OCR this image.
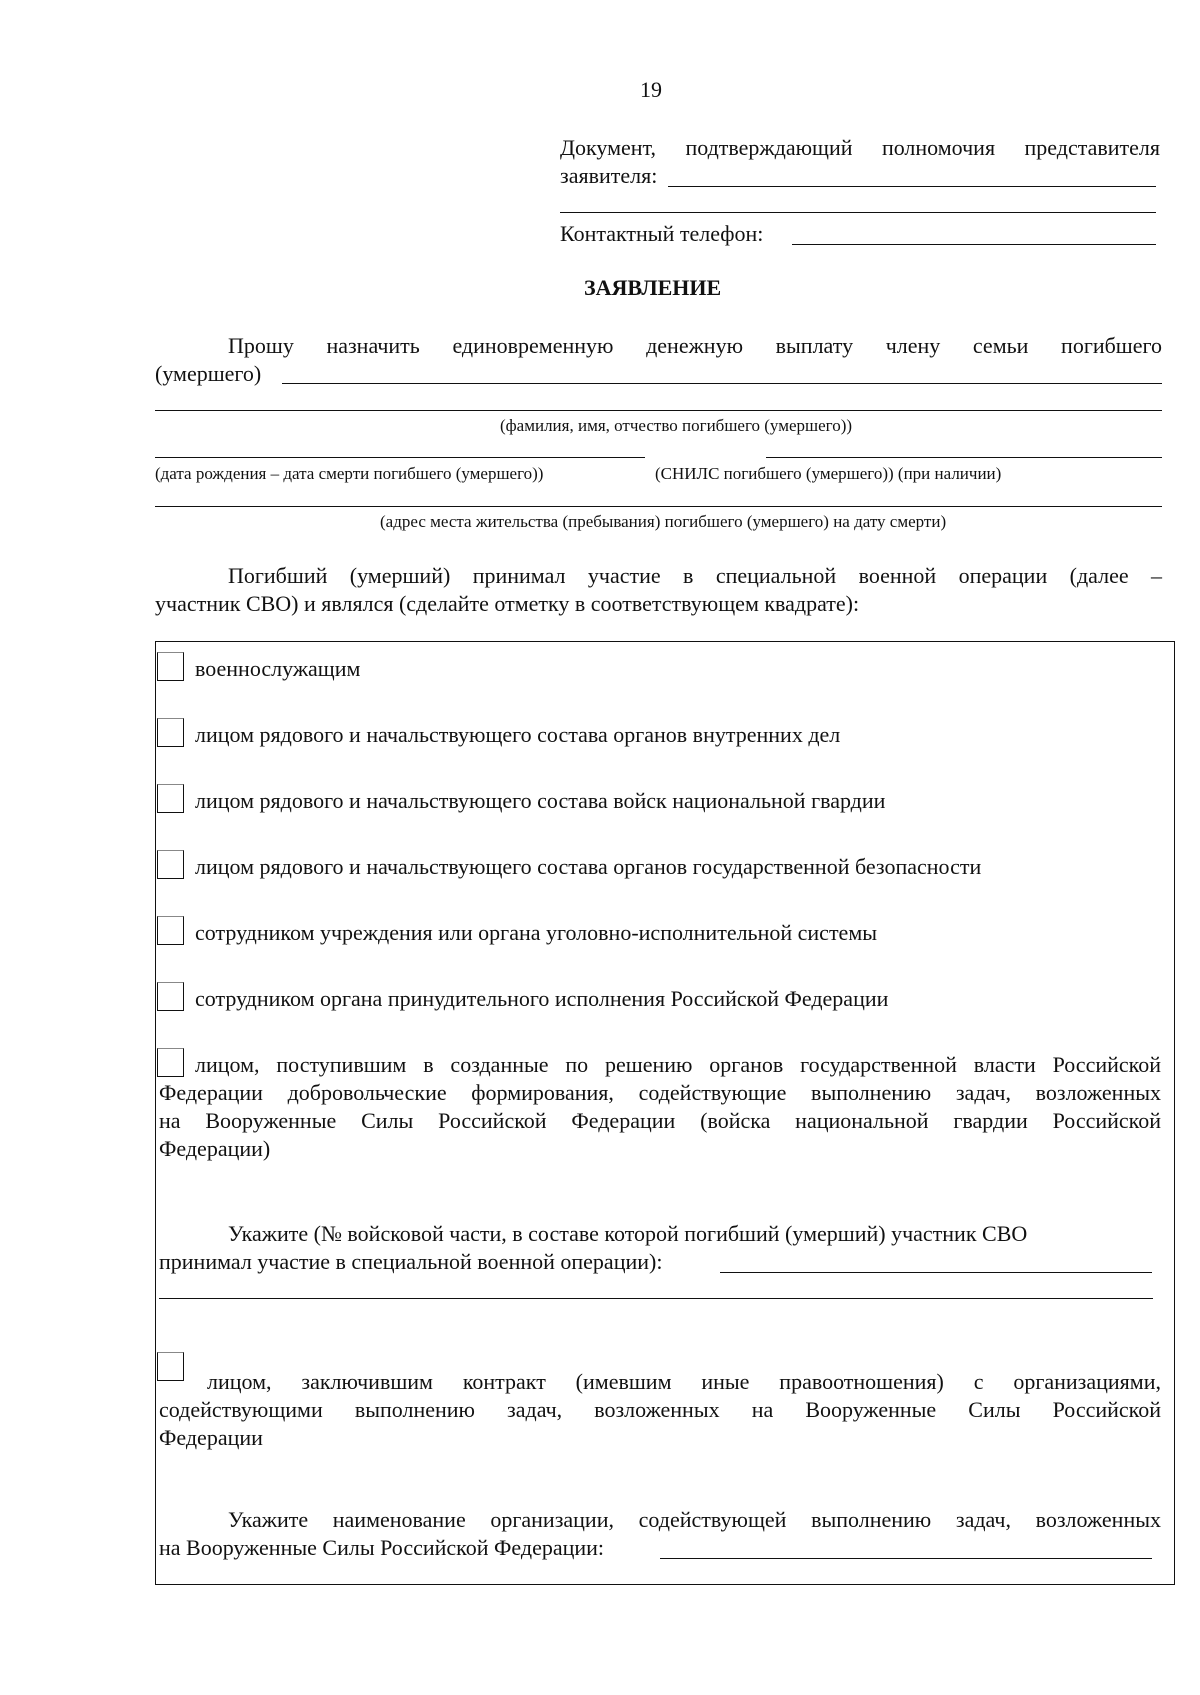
19
Документ, подтверждающий полномочия представителя
заявителя:
Контактный телефон:
ЗАЯВЛЕНИЕ
Прошу назначить единовременную денежную выплату члену семьи погибшего
(умершего)
(фамилия, имя, отчество погибшего (умершего))
(дата рождения – дата смерти погибшего (умершего))	(СНИЛС погибшего (умершего)) (при наличии)
(адрес места жительства (пребывания) погибшего (умершего) на дату смерти)
Погибший (умерший) принимал участие в специальной военной операции (далее –
участник СВО) и являлся (сделайте отметку в соответствующем квадрате):
военнослужащим
лицом рядового и начальствующего состава органов внутренних дел
лицом рядового и начальствующего состава войск национальной гвардии
лицом рядового и начальствующего состава органов государственной безопасности
сотрудником учреждения или органа уголовно-исполнительной системы
сотрудником органа принудительного исполнения Российской Федерации
лицом, поступившим в созданные по решению органов государственной власти Российской
Федерации добровольческие формирования, содействующие выполнению задач, возложенных
на Вооруженные Силы Российской Федерации (войска национальной гвардии Российской
Федерации)
Укажите (№ войсковой части, в составе которой погибший (умерший) участник СВО
принимал участие в специальной военной операции):
лицом, заключившим контракт (имевшим иные правоотношения) с организациями,
содействующими выполнению задач, возложенных на Вооруженные Силы Российской
Федерации
Укажите наименование организации, содействующей выполнению задач, возложенных
на Вооруженные Силы Российской Федерации:
